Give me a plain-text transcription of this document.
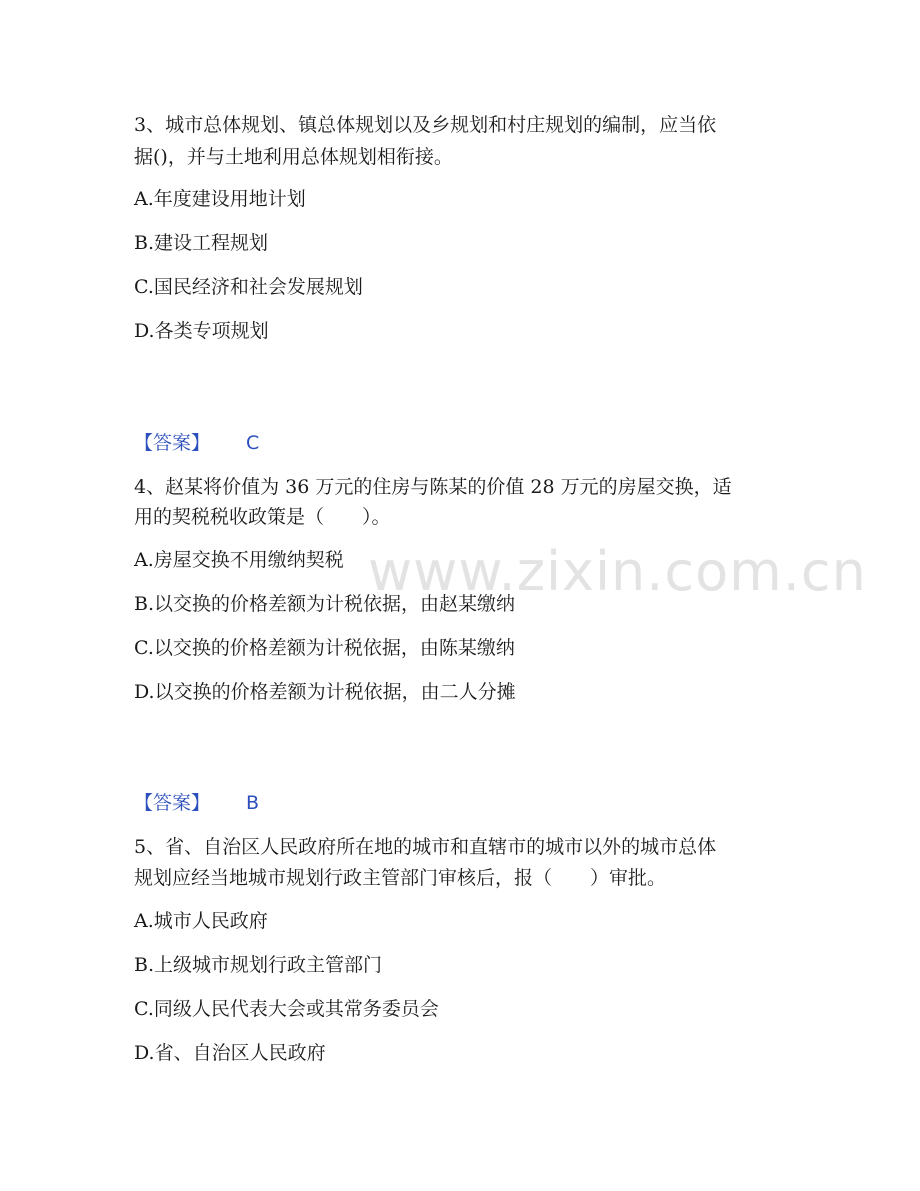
www.zixin.com.cn
3、城市总体规划、镇总体规划以及乡规划和村庄规划的编制，应当依
据()，并与土地利用总体规划相衔接。
A.年度建设用地计划
B.建设工程规划
C.国民经济和社会发展规划
D.各类专项规划
【答案】 C
4、赵某将价值为 36 万元的住房与陈某的价值 28 万元的房屋交换，适
用的契税税收政策是（　　）。
A.房屋交换不用缴纳契税
B.以交换的价格差额为计税依据，由赵某缴纳
C.以交换的价格差额为计税依据，由陈某缴纳
D.以交换的价格差额为计税依据，由二人分摊
【答案】 B
5、省、自治区人民政府所在地的城市和直辖市的城市以外的城市总体
规划应经当地城市规划行政主管部门审核后，报（　　）审批。
A.城市人民政府
B.上级城市规划行政主管部门
C.同级人民代表大会或其常务委员会
D.省、自治区人民政府
